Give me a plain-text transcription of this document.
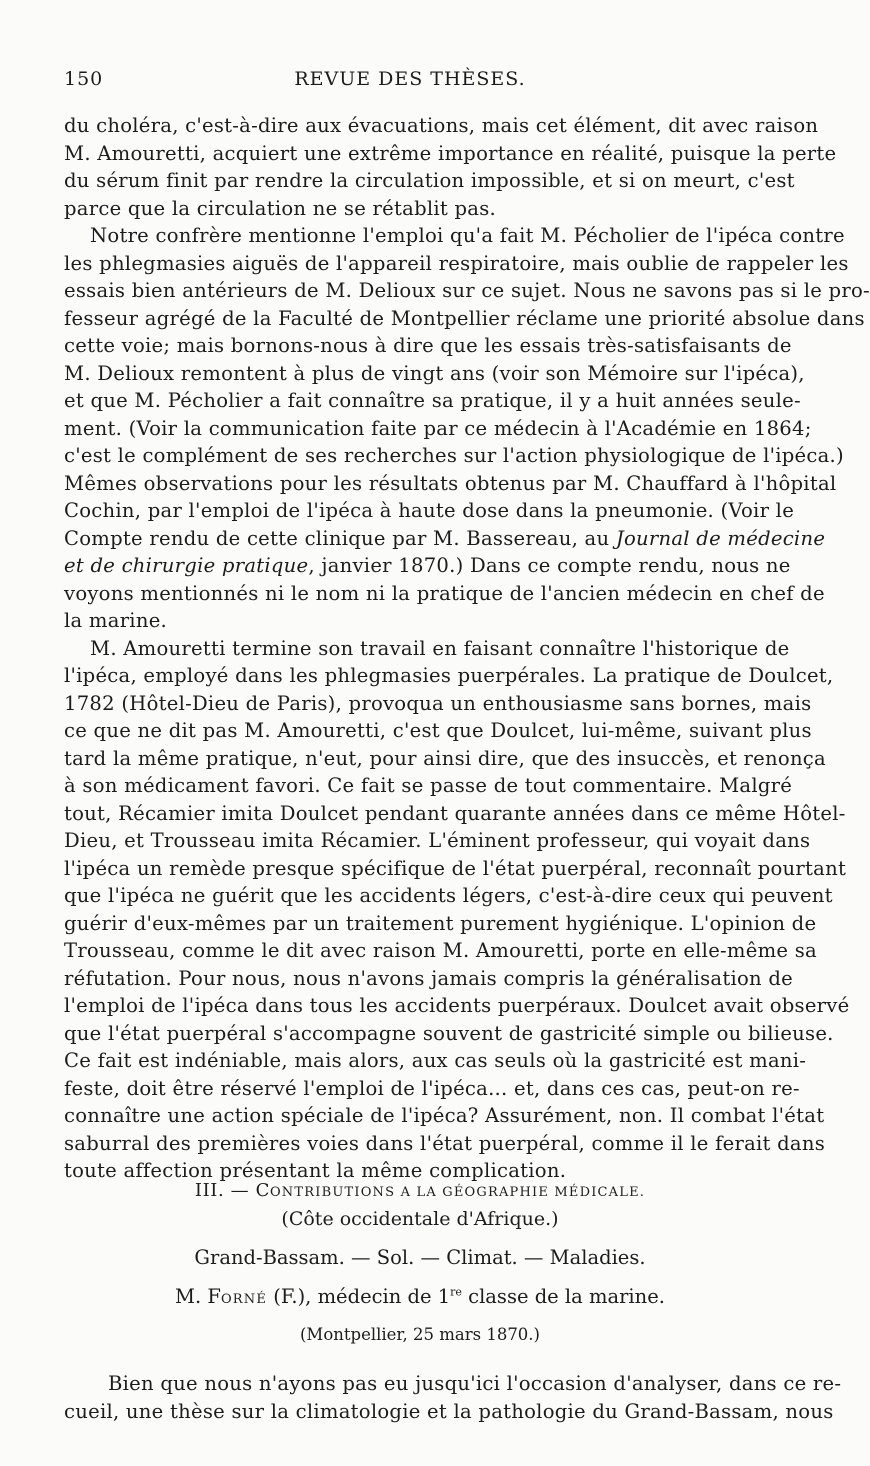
150	REVUE DES THÈSES.
du choléra, c'est-à-dire aux évacuations, mais cet élément, dit avec raison
M. Amouretti, acquiert une extrême importance en réalité, puisque la perte
du sérum finit par rendre la circulation impossible, et si on meurt, c'est
parce que la circulation ne se rétablit pas.
Notre confrère mentionne l'emploi qu'a fait M. Pécholier de l'ipéca contre
les phlegmasies aiguës de l'appareil respiratoire, mais oublie de rappeler les
essais bien antérieurs de M. Delioux sur ce sujet. Nous ne savons pas si le pro-
fesseur agrégé de la Faculté de Montpellier réclame une priorité absolue dans
cette voie; mais bornons-nous à dire que les essais très-satisfaisants de
M. Delioux remontent à plus de vingt ans (voir son Mémoire sur l'ipéca),
et que M. Pécholier a fait connaître sa pratique, il y a huit années seule-
ment. (Voir la communication faite par ce médecin à l'Académie en 1864;
c'est le complément de ses recherches sur l'action physiologique de l'ipéca.)
Mêmes observations pour les résultats obtenus par M. Chauffard à l'hôpital
Cochin, par l'emploi de l'ipéca à haute dose dans la pneumonie. (Voir le
Compte rendu de cette clinique par M. Bassereau, au Journal de médecine
et de chirurgie pratique, janvier 1870.) Dans ce compte rendu, nous ne
voyons mentionnés ni le nom ni la pratique de l'ancien médecin en chef de
la marine.
M. Amouretti termine son travail en faisant connaître l'historique de
l'ipéca, employé dans les phlegmasies puerpérales. La pratique de Doulcet,
1782 (Hôtel-Dieu de Paris), provoqua un enthousiasme sans bornes, mais
ce que ne dit pas M. Amouretti, c'est que Doulcet, lui-même, suivant plus
tard la même pratique, n'eut, pour ainsi dire, que des insuccès, et renonça
à son médicament favori. Ce fait se passe de tout commentaire. Malgré
tout, Récamier imita Doulcet pendant quarante années dans ce même Hôtel-
Dieu, et Trousseau imita Récamier. L'éminent professeur, qui voyait dans
l'ipéca un remède presque spécifique de l'état puerpéral, reconnaît pourtant
que l'ipéca ne guérit que les accidents légers, c'est-à-dire ceux qui peuvent
guérir d'eux-mêmes par un traitement purement hygiénique. L'opinion de
Trousseau, comme le dit avec raison M. Amouretti, porte en elle-même sa
réfutation. Pour nous, nous n'avons jamais compris la généralisation de
l'emploi de l'ipéca dans tous les accidents puerpéraux. Doulcet avait observé
que l'état puerpéral s'accompagne souvent de gastricité simple ou bilieuse.
Ce fait est indéniable, mais alors, aux cas seuls où la gastricité est mani-
feste, doit être réservé l'emploi de l'ipéca... et, dans ces cas, peut-on re-
connaître une action spéciale de l'ipéca? Assurément, non. Il combat l'état
saburral des premières voies dans l'état puerpéral, comme il le ferait dans
toute affection présentant la même complication.
III. — CONTRIBUTIONS A LA GÉOGRAPHIE MÉDICALE.
(Côte occidentale d'Afrique.)
Grand-Bassam. — Sol. — Climat. — Maladies.
M. FORNÉ (F.), médecin de 1re classe de la marine.
(Montpellier, 25 mars 1870.)
Bien que nous n'ayons pas eu jusqu'ici l'occasion d'analyser, dans ce re-
cueil, une thèse sur la climatologie et la pathologie du Grand-Bassam, nous
